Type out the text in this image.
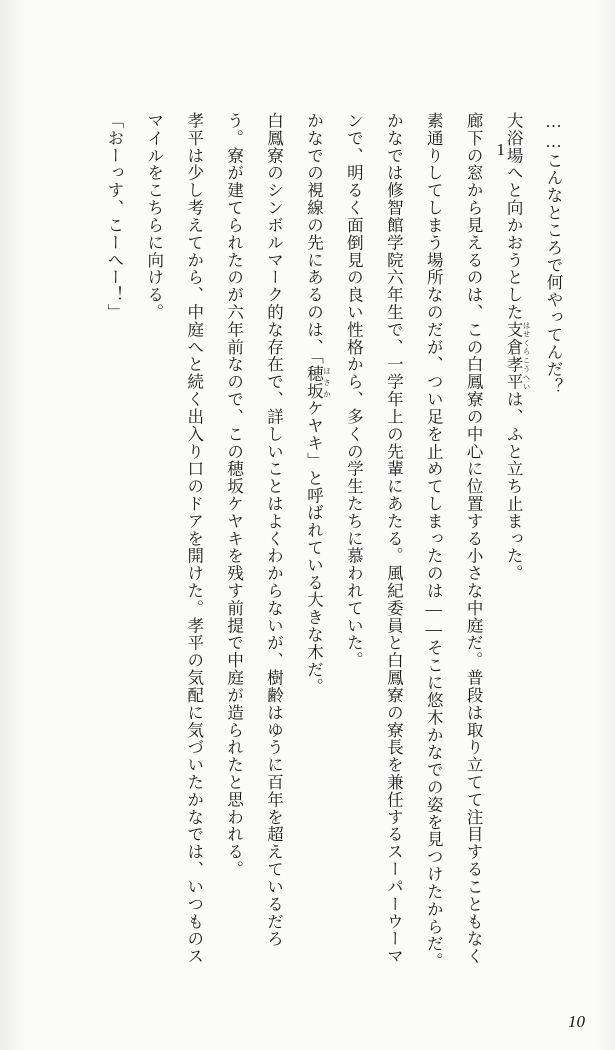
1	……こんなところで何やってんだ？

大浴場へと向かおうとした支倉孝平 はせくらこうへいは、ふと立ち止まった。

廊下の窓から見えるのは、この白鳳寮の中心に位置する小さな中庭だ。普段は取り立てて注目することもなく素通りしてしまう場所なのだが、つい足を止めてしまったのは――そこに悠木かなでの姿を見つけたからだ。

かなでは修智館学院六年生で、一学年上の先輩にあたる。風紀委員と白鳳寮の寮長を兼任するスーパーウーマンで、明るく面倒見の良い性格から、多くの学生たちに慕われていた。

かなでの視線の先にあるのは、「穂坂 ほさかケヤキ」と呼ばれている大きな木だ。

白鳳寮のシンボルマーク的な存在で、詳しいことはよくわからないが、樹齢はゆうに百年を超えているだろう。寮が建てられたのが六年前なので、この穂坂ケヤキを残す前提で中庭が造られたと思われる。

孝平は少し考えてから、中庭へと続く出入り口のドアを開けた。孝平の気配に気づいたかなでは、いつものスマイルをこちらに向ける。

「おーっす、こーへー！」

10
